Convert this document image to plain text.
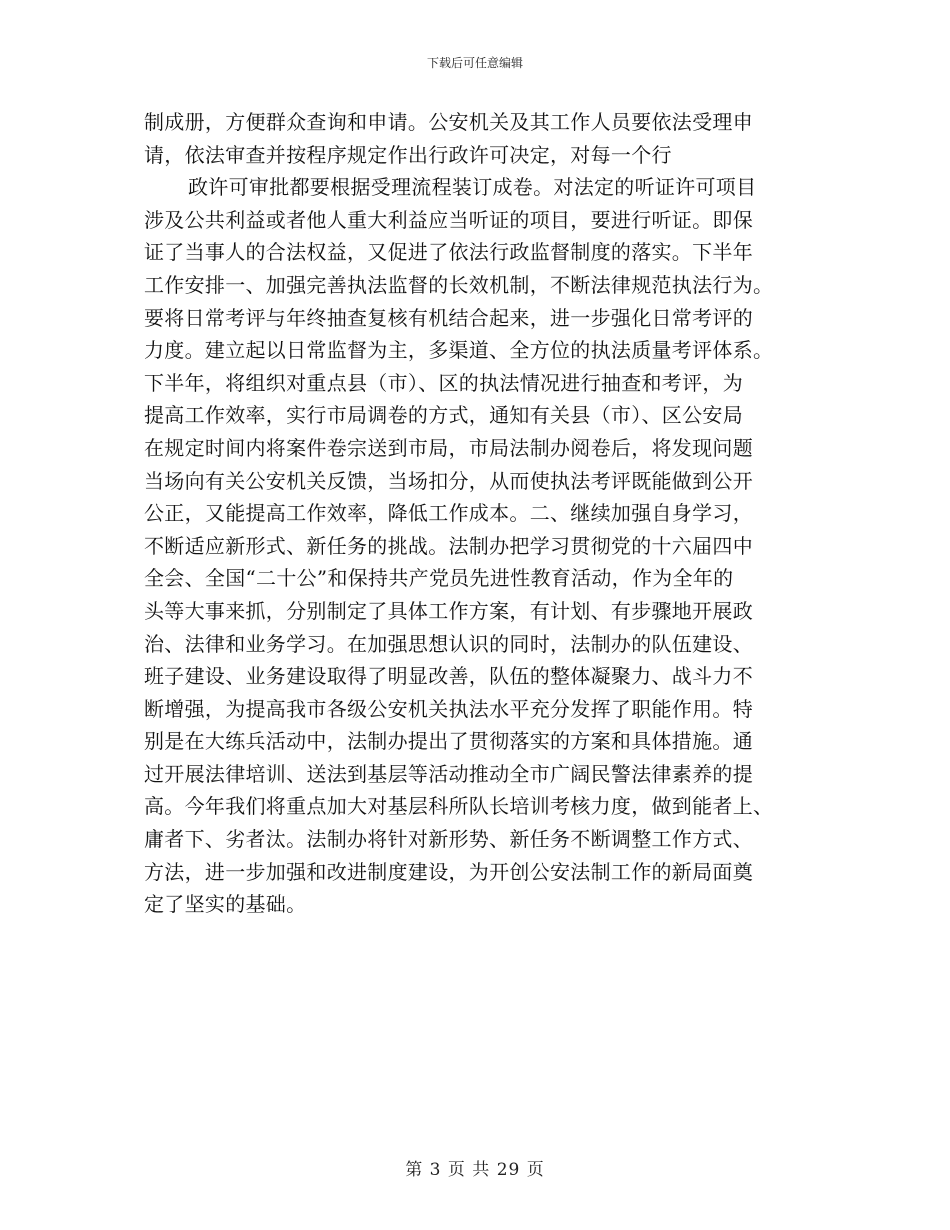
下载后可任意编辑
制成册，方便群众查询和申请。公安机关及其工作人员要依法受理申
请，依法审查并按程序规定作出行政许可决定，对每一个行
政许可审批都要根据受理流程装订成卷。对法定的听证许可项目
涉及公共利益或者他人重大利益应当听证的项目，要进行听证。即保
证了当事人的合法权益，又促进了依法行政监督制度的落实。下半年
工作安排一、加强完善执法监督的长效机制，不断法律规范执法行为。
要将日常考评与年终抽查复核有机结合起来，进一步强化日常考评的
力度。建立起以日常监督为主，多渠道、全方位的执法质量考评体系。
下半年，将组织对重点县（市）、区的执法情况进行抽查和考评，为
提高工作效率，实行市局调卷的方式，通知有关县（市）、区公安局
在规定时间内将案件卷宗送到市局，市局法制办阅卷后，将发现问题
当场向有关公安机关反馈，当场扣分，从而使执法考评既能做到公开
公正，又能提高工作效率，降低工作成本。二、继续加强自身学习，
不断适应新形式、新任务的挑战。法制办把学习贯彻党的十六届四中
全会、全国“二十公”和保持共产党员先进性教育活动，作为全年的
头等大事来抓，分别制定了具体工作方案，有计划、有步骤地开展政
治、法律和业务学习。在加强思想认识的同时，法制办的队伍建设、
班子建设、业务建设取得了明显改善，队伍的整体凝聚力、战斗力不
断增强，为提高我市各级公安机关执法水平充分发挥了职能作用。特
别是在大练兵活动中，法制办提出了贯彻落实的方案和具体措施。通
过开展法律培训、送法到基层等活动推动全市广阔民警法律素养的提
高。今年我们将重点加大对基层科所队长培训考核力度，做到能者上、
庸者下、劣者汰。法制办将针对新形势、新任务不断调整工作方式、
方法，进一步加强和改进制度建设，为开创公安法制工作的新局面奠
定了坚实的基础。
第 3 页 共 29 页
